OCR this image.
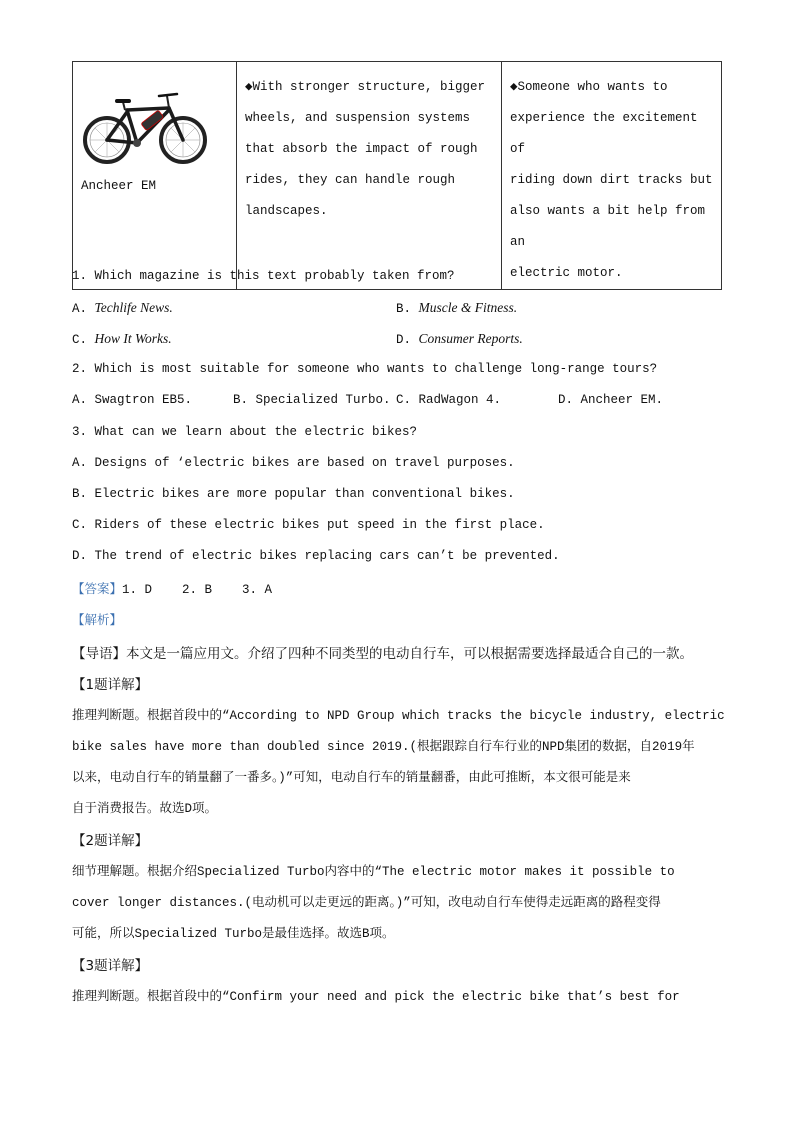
Ancheer EM

◆With stronger structure, bigger
wheels, and suspension systems
that absorb the impact of rough
rides, they can handle rough
landscapes.

◆Someone who wants to
experience the excitement of
riding down dirt tracks but
also wants a bit help from an
electric motor.
1. Which magazine is this text probably taken from?
A. Techlife News.	B. Muscle & Fitness.
C. How It Works.	D. Consumer Reports.
2. Which is most suitable for someone who wants to challenge long-range tours?
A. Swagtron EB5.	B. Specialized Turbo. C. RadWagon 4.	D. Ancheer EM.
3. What can we learn about the electric bikes?
A. Designs of ‘electric bikes are based on travel purposes.
B. Electric bikes are more popular than conventional bikes.
C. Riders of these electric bikes put speed in the first place.
D. The trend of electric bikes replacing cars can’t be prevented.
【答案】1. D    2. B    3. A
【解析】
【导语】本文是一篇应用文。介绍了四种不同类型的电动自行车，可以根据需要选择最适合自己的一款。
【1题详解】
推理判断题。根据首段中的“According to NPD Group which tracks the bicycle industry, electric
bike sales have more than doubled since 2019.(根据跟踪自行车行业的NPD集团的数据，自2019年
以来，电动自行车的销量翻了一番多。)”可知，电动自行车的销量翻番，由此可推断，本文很可能是来
自于消费报告。故选D项。
【2题详解】
细节理解题。根据介绍Specialized Turbo内容中的“The electric motor makes it possible to
cover longer distances.(电动机可以走更远的距离。)”可知，改电动自行车使得走远距离的路程变得
可能，所以Specialized Turbo是最佳选择。故选B项。
【3题详解】
推理判断题。根据首段中的“Confirm your need and pick the electric bike that’s best for
